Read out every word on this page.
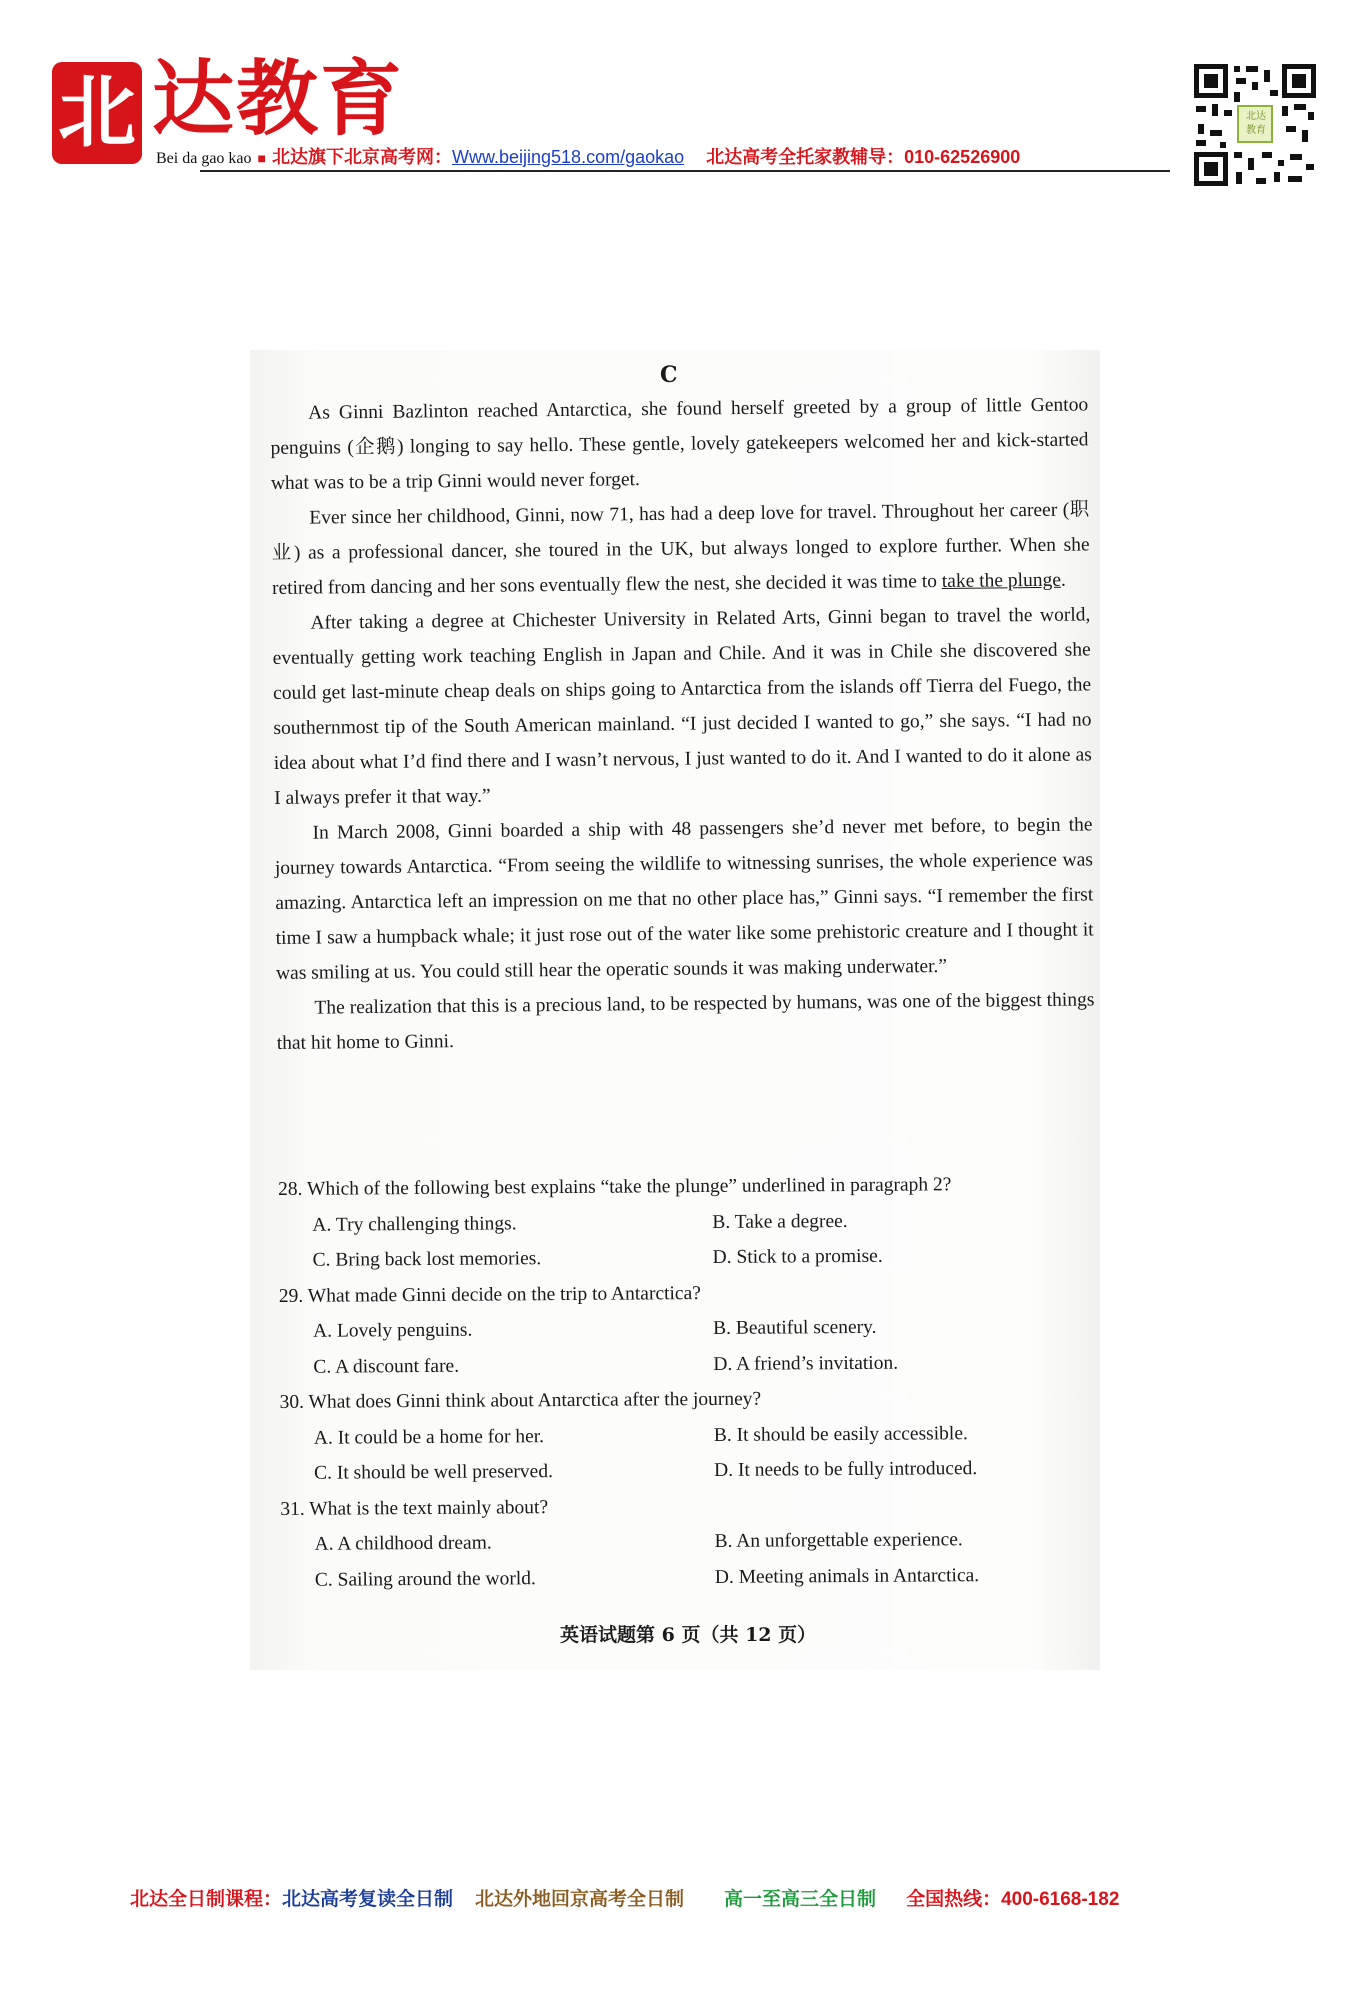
北 达教育
Bei da gao kao ■ 北达旗下北京高考网：Www.beijing518.com/gaokao 北达高考全托家教辅导：010-62526900
北达教育
C

As Ginni Bazlinton reached Antarctica, she found herself greeted by a group of little Gentoo penguins (企鹅) longing to say hello. These gentle, lovely gatekeepers welcomed her and kick-started what was to be a trip Ginni would never forget.

Ever since her childhood, Ginni, now 71, has had a deep love for travel. Throughout her career (职业) as a professional dancer, she toured in the UK, but always longed to explore further. When she retired from dancing and her sons eventually flew the nest, she decided it was time to take the plunge.

After taking a degree at Chichester University in Related Arts, Ginni began to travel the world, eventually getting work teaching English in Japan and Chile. And it was in Chile she discovered she could get last-minute cheap deals on ships going to Antarctica from the islands off Tierra del Fuego, the southernmost tip of the South American mainland. “I just decided I wanted to go,” she says. “I had no idea about what I’d find there and I wasn’t nervous, I just wanted to do it. And I wanted to do it alone as I always prefer it that way.”

In March 2008, Ginni boarded a ship with 48 passengers she’d never met before, to begin the journey towards Antarctica. “From seeing the wildlife to witnessing sunrises, the whole experience was amazing. Antarctica left an impression on me that no other place has,” Ginni says. “I remember the first time I saw a humpback whale; it just rose out of the water like some prehistoric creature and I thought it was smiling at us. You could still hear the operatic sounds it was making underwater.”

The realization that this is a precious land, to be respected by humans, was one of the biggest things that hit home to Ginni.

28. Which of the following best explains “take the plunge” underlined in paragraph 2?

A. Try challenging things.	B. Take a degree.

C. Bring back lost memories.	D. Stick to a promise.

29. What made Ginni decide on the trip to Antarctica?

A. Lovely penguins.	B. Beautiful scenery.

C. A discount fare.	D. A friend’s invitation.

30. What does Ginni think about Antarctica after the journey?

A. It could be a home for her.	B. It should be easily accessible.

C. It should be well preserved.	D. It needs to be fully introduced.

31. What is the text mainly about?

A. A childhood dream.	B. An unforgettable experience.

C. Sailing around the world.	D. Meeting animals in Antarctica.

英语试题第 6 页（共 12 页）
北达全日制课程：北达高考复读全日制 北达外地回京高考全日制 高一至高三全日制 全国热线：400-6168-182
